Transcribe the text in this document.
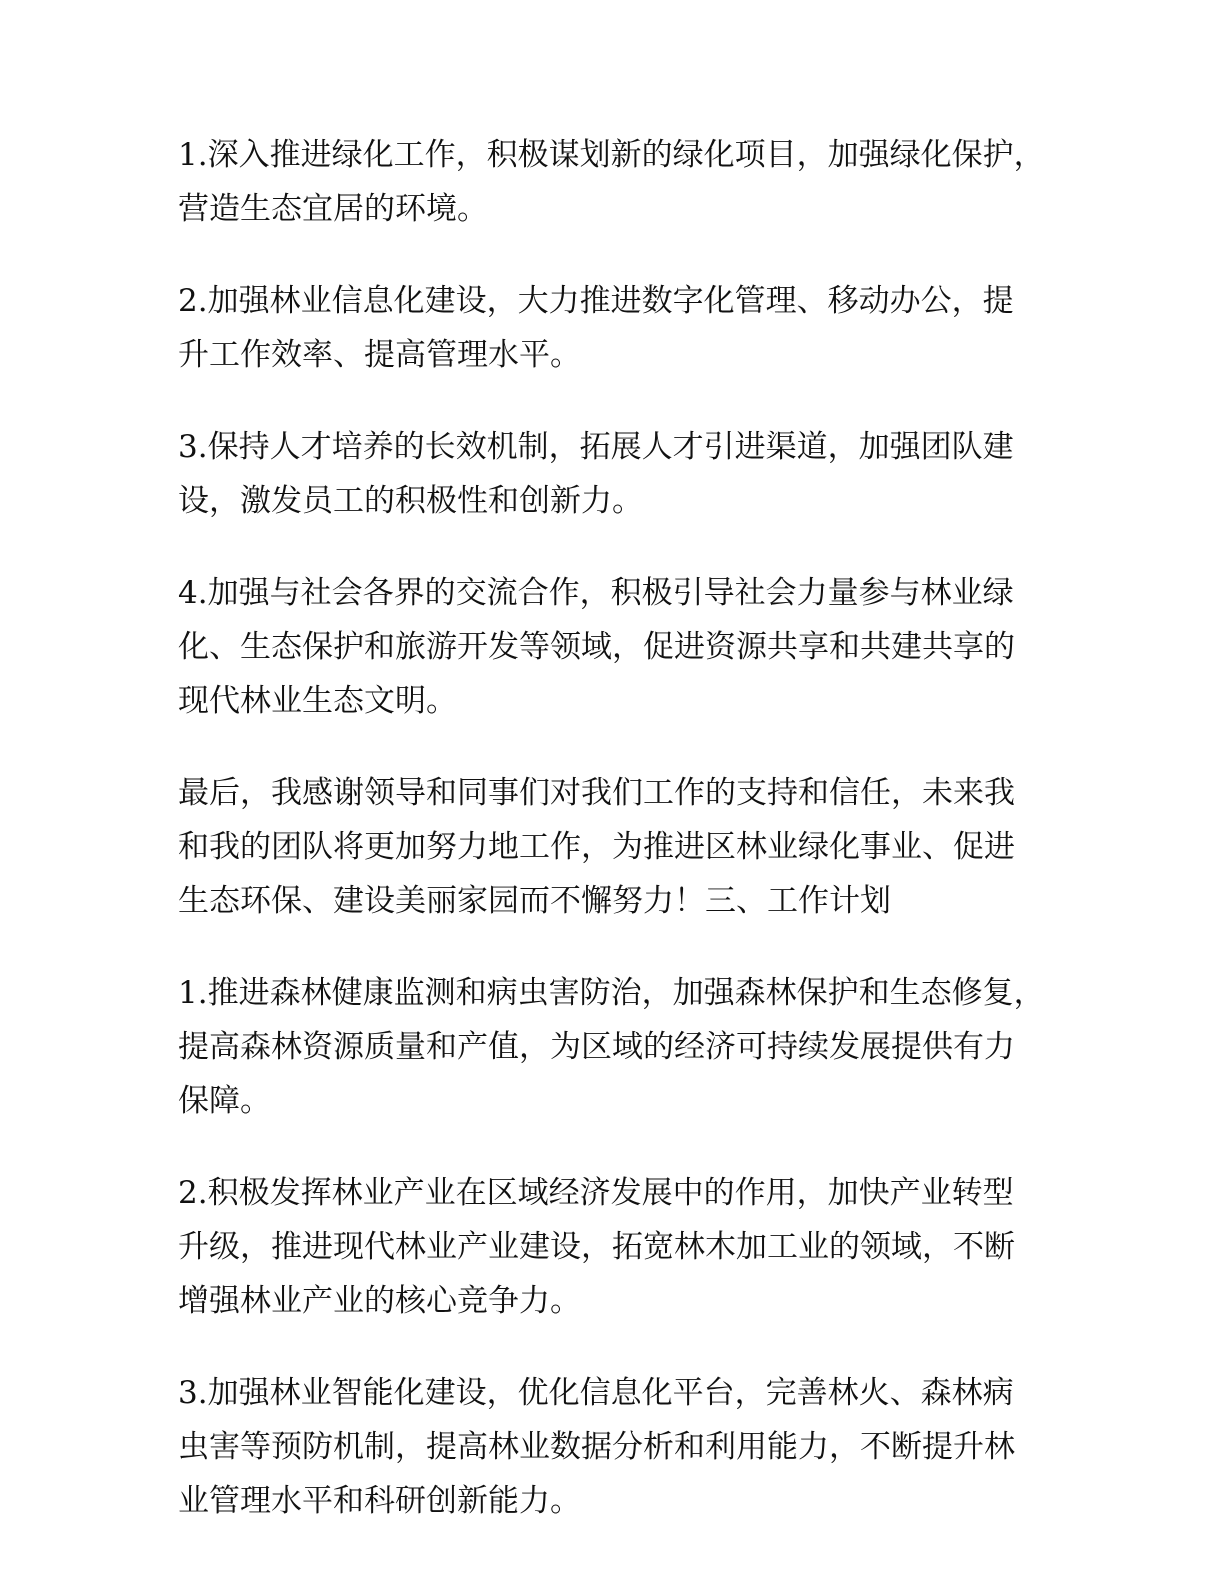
1.深入推进绿化工作，积极谋划新的绿化项目，加强绿化保护，
营造生态宜居的环境。
2.加强林业信息化建设，大力推进数字化管理、移动办公，提
升工作效率、提高管理水平。
3.保持人才培养的长效机制，拓展人才引进渠道，加强团队建
设，激发员工的积极性和创新力。
4.加强与社会各界的交流合作，积极引导社会力量参与林业绿
化、生态保护和旅游开发等领域，促进资源共享和共建共享的
现代林业生态文明。
最后，我感谢领导和同事们对我们工作的支持和信任，未来我
和我的团队将更加努力地工作，为推进区林业绿化事业、促进
生态环保、建设美丽家园而不懈努力！三、工作计划
1.推进森林健康监测和病虫害防治，加强森林保护和生态修复，
提高森林资源质量和产值，为区域的经济可持续发展提供有力
保障。
2.积极发挥林业产业在区域经济发展中的作用，加快产业转型
升级，推进现代林业产业建设，拓宽林木加工业的领域，不断
增强林业产业的核心竞争力。
3.加强林业智能化建设，优化信息化平台，完善林火、森林病
虫害等预防机制，提高林业数据分析和利用能力，不断提升林
业管理水平和科研创新能力。
